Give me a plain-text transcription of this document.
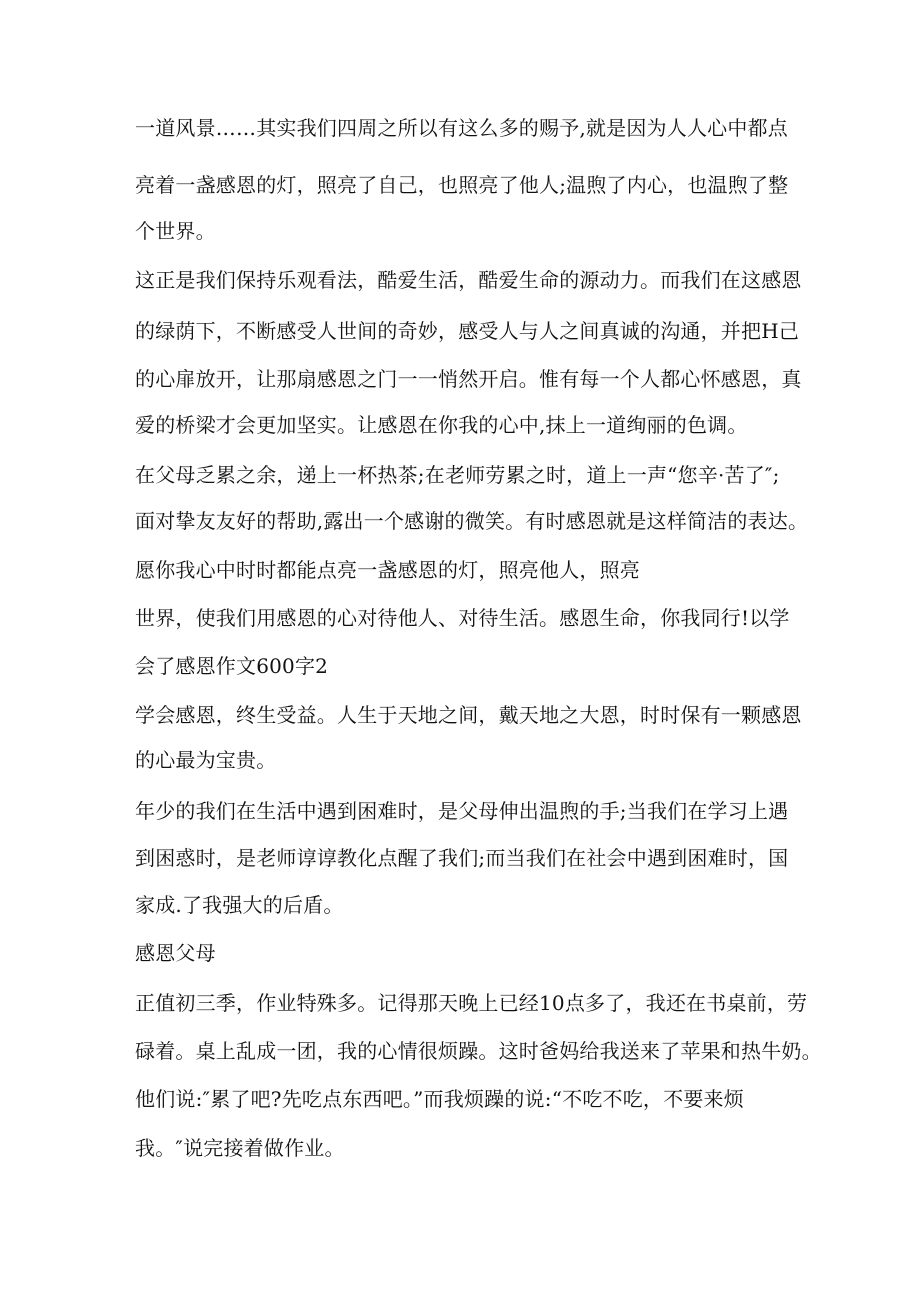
一道风景……其实我们四周之所以有这么多的赐予,就是因为人人心中都点

亮着一盏感恩的灯，照亮了自己，也照亮了他人;温煦了内心，也温煦了整

个世界。

这正是我们保持乐观看法，酷爱生活，酷爱生命的源动力。而我们在这感恩

的绿荫下，不断感受人世间的奇妙，感受人与人之间真诚的沟通，并把H己

的心扉放开，让那扇感恩之门一一悄然开启。惟有每一个人都心怀感恩，真

爱的桥梁才会更加坚实。让感恩在你我的心中,抹上一道绚丽的色调。

在父母乏累之余，递上一杯热茶;在老师劳累之时，道上一声“您辛·苦了″;

面对挚友友好的帮助,露出一个感谢的微笑。有时感恩就是这样简洁的表达。

愿你我心中时时都能点亮一盏感恩的灯，照亮他人，照亮

世界，使我们用感恩的心对待他人、对待生活。感恩生命，你我同行!以学

会了感恩作文600字2

学会感恩，终生受益。人生于天地之间，戴天地之大恩，时时保有一颗感恩

的心最为宝贵。

年少的我们在生活中遇到困难时，是父母伸出温煦的手;当我们在学习上遇

到困惑时，是老师谆谆教化点醒了我们;而当我们在社会中遇到困难时，国

家成.了我强大的后盾。

感恩父母

正值初三季，作业特殊多。记得那天晚上已经10点多了，我还在书桌前，劳

碌着。桌上乱成一团，我的心情很烦躁。这时爸妈给我送来了苹果和热牛奶。

他们说:″累了吧?先吃点东西吧。”而我烦躁的说:“不吃不吃，不要来烦

我。″说完接着做作业。
